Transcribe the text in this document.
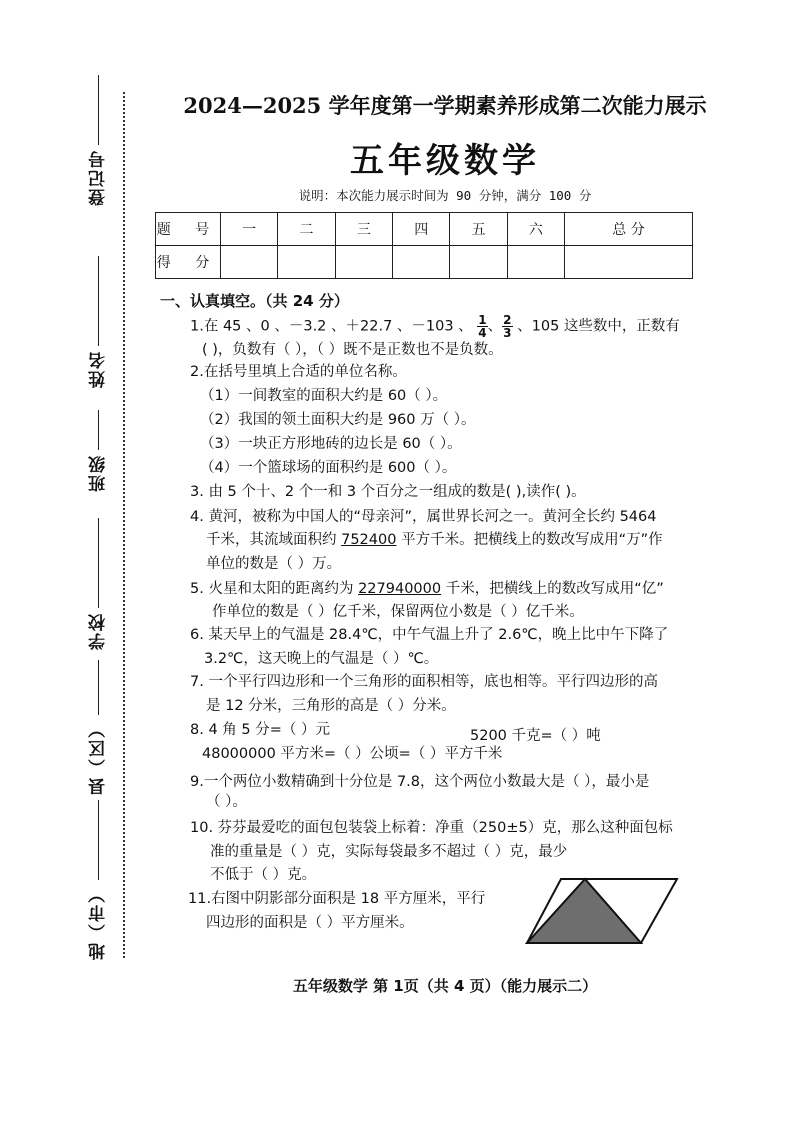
登记号
姓名
班级
学校
县（区）
地（市）
2024—2025 学年度第一学期素养形成第二次能力展示
五年级数学
说明：本次能力展示时间为 90 分钟，满分 100 分
题 号	一	二	三	四	五	六	总 分
得 分							
一、认真填空。（共 24 分）
1.在 45 、0 、－3.2 、＋22.7 、－103 、 $\frac{1}{4}$ 、 $\frac{2}{3}$ 、105 这些数中，正数有
( )，负数有（ ），（ ）既不是正数也不是负数。
2.在括号里填上合适的单位名称。
（1）一间教室的面积大约是 60（ ）。
（2）我国的领土面积大约是 960 万（ ）。
（3）一块正方形地砖的边长是 60（ ）。
（4）一个篮球场的面积约是 600（ ）。
3. 由 5 个十、2 个一和 3 个百分之一组成的数是( ),读作( )。
4. 黄河，被称为中国人的“母亲河”，属世界长河之一。黄河全长约 5464
千米，其流域面积约 752400 平方千米。把横线上的数改写成用“万”作
单位的数是（ ）万。
5. 火星和太阳的距离约为 227940000 千米，把横线上的数改写成用“亿”
作单位的数是（ ）亿千米，保留两位小数是（ ）亿千米。
6. 某天早上的气温是 28.4℃，中午气温上升了 2.6℃，晚上比中午下降了
3.2℃，这天晚上的气温是（ ）℃。
7. 一个平行四边形和一个三角形的面积相等，底也相等。平行四边形的高
是 12 分米，三角形的高是（ ）分米。
8. 4 角 5 分=（ ）元	5200 千克=（ ）吨
48000000 平方米=（ ）公顷=（ ）平方千米
9.一个两位小数精确到十分位是 7.8，这个两位小数最大是（ ），最小是
（ ）。
10. 芬芬最爱吃的面包包装袋上标着：净重（250±5）克，那么这种面包标
准的重量是（ ）克，实际每袋最多不超过（ ）克，最少
不低于（ ）克。
11.右图中阴影部分面积是 18 平方厘米，平行
四边形的面积是（ ）平方厘米。
五年级数学 第 1页（共 4 页）（能力展示二）
